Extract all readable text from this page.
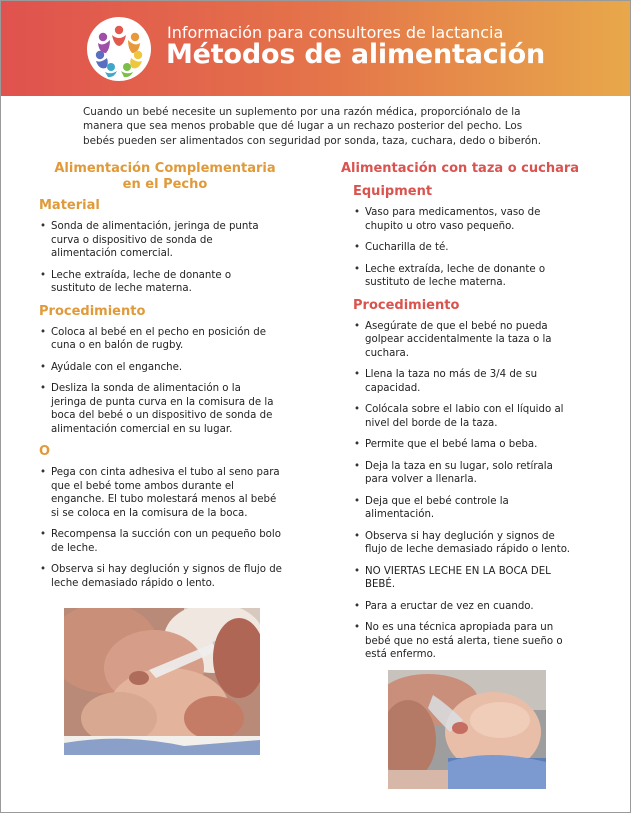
Información para consultores de lactancia
Métodos de alimentación
Cuando un bebé necesite un suplemento por una razón médica, proporciónalo de la manera que sea menos probable que dé lugar a un rechazo posterior del pecho. Los bebés pueden ser alimentados con seguridad por sonda, taza, cuchara, dedo o biberón.

Alimentación Complementaria

en el Pecho

Material

• Sonda de alimentación, jeringa de punta curva o dispositivo de sonda de alimentación comercial.
• Leche extraída, leche de donante o sustituto de leche materna.

Procedimiento

• Coloca al bebé en el pecho en posición de cuna o en balón de rugby.
• Ayúdale con el enganche.
• Desliza la sonda de alimentación o la jeringa de punta curva en la comisura de la boca del bebé o un dispositivo de sonda de alimentación comercial en su lugar.

O

• Pega con cinta adhesiva el tubo al seno para que el bebé tome ambos durante el enganche. El tubo molestará menos al bebé si se coloca en la comisura de la boca.
• Recompensa la succión con un pequeño bolo de leche.
• Observa si hay deglución y signos de flujo de leche demasiado rápido o lento.

Alimentación con taza o cuchara

Equipment

• Vaso para medicamentos, vaso de chupito u otro vaso pequeño.
• Cucharilla de té.
• Leche extraída, leche de donante o sustituto de leche materna.

Procedimiento

• Asegúrate de que el bebé no pueda golpear accidentalmente la taza o la cuchara.
• Llena la taza no más de 3/4 de su capacidad.
• Colócala sobre el labio con el líquido al nivel del borde de la taza.
• Permite que el bebé lama o beba.
• Deja la taza en su lugar, solo retírala para volver a llenarla.
• Deja que el bebé controle la alimentación.
• Observa si hay deglución y signos de flujo de leche demasiado rápido o lento.
• NO VIERTAS LECHE EN LA BOCA DEL BEBÉ.
• Para a eructar de vez en cuando.
• No es una técnica apropiada para un bebé que no está alerta, tiene sueño o está enfermo.
